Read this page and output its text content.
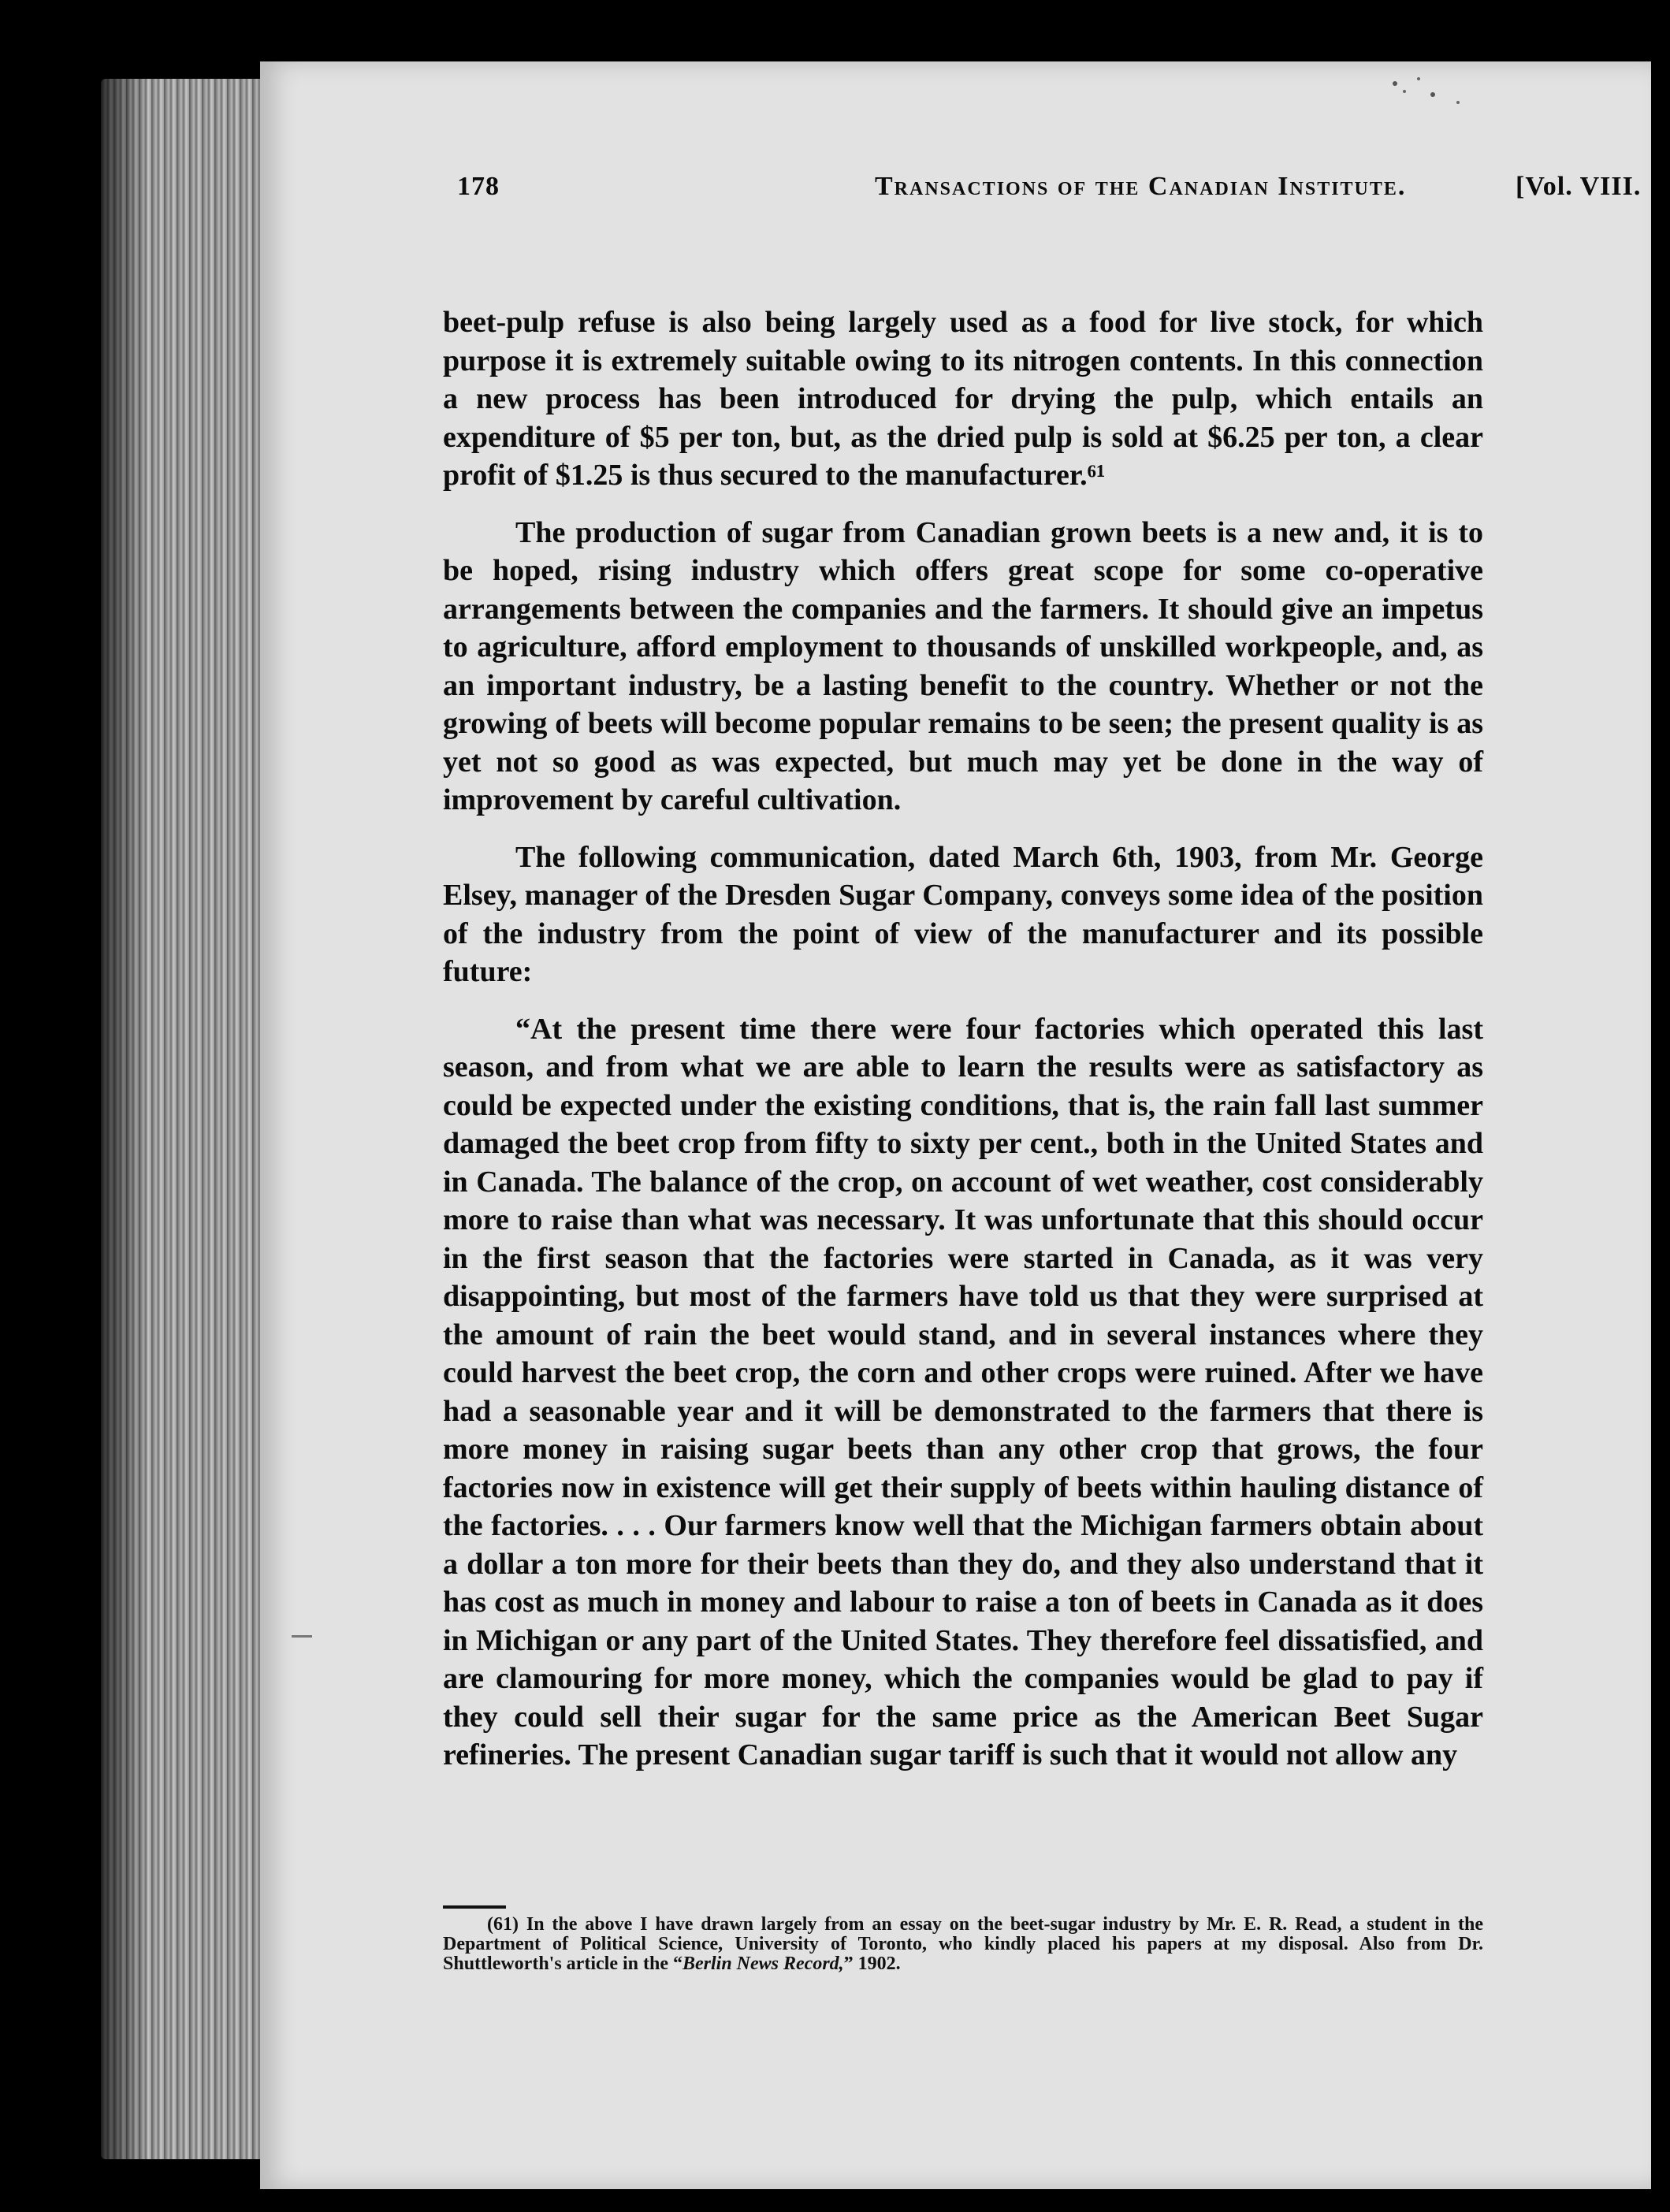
178	Transactions of the Canadian Institute.	[Vol. VIII.

beet-pulp refuse is also being largely used as a food for live stock, for which purpose it is extremely suitable owing to its nitrogen contents. In this connection a new process has been introduced for drying the pulp, which entails an expenditure of $5 per ton, but, as the dried pulp is sold at $6.25 per ton, a clear profit of $1.25 is thus secured to the manufacturer.⁶¹

The production of sugar from Canadian grown beets is a new and, it is to be hoped, rising industry which offers great scope for some co-operative arrangements between the companies and the farmers. It should give an impetus to agriculture, afford employment to thousands of unskilled workpeople, and, as an important industry, be a lasting benefit to the country. Whether or not the growing of beets will become popular remains to be seen; the present quality is as yet not so good as was expected, but much may yet be done in the way of improvement by careful cultivation.

The following communication, dated March 6th, 1903, from Mr. George Elsey, manager of the Dresden Sugar Company, conveys some idea of the position of the industry from the point of view of the manufacturer and its possible future:

“At the present time there were four factories which operated this last season, and from what we are able to learn the results were as satisfactory as could be expected under the existing conditions, that is, the rain fall last summer damaged the beet crop from fifty to sixty per cent., both in the United States and in Canada. The balance of the crop, on account of wet weather, cost considerably more to raise than what was necessary. It was unfortunate that this should occur in the first season that the factories were started in Canada, as it was very disappointing, but most of the farmers have told us that they were surprised at the amount of rain the beet would stand, and in several instances where they could harvest the beet crop, the corn and other crops were ruined. After we have had a seasonable year and it will be demonstrated to the farmers that there is more money in raising sugar beets than any other crop that grows, the four factories now in existence will get their supply of beets within hauling distance of the factories. . . . Our farmers know well that the Michigan farmers obtain about a dollar a ton more for their beets than they do, and they also understand that it has cost as much in money and labour to raise a ton of beets in Canada as it does in Michigan or any part of the United States. They therefore feel dissatisfied, and are clamouring for more money, which the companies would be glad to pay if they could sell their sugar for the same price as the American Beet Sugar refineries. The present Canadian sugar tariff is such that it would not allow any

(61) In the above I have drawn largely from an essay on the beet-sugar industry by Mr. E. R. Read, a student in the Department of Political Science, University of Toronto, who kindly placed his papers at my disposal. Also from Dr. Shuttleworth's article in the “Berlin News Record,” 1902.
